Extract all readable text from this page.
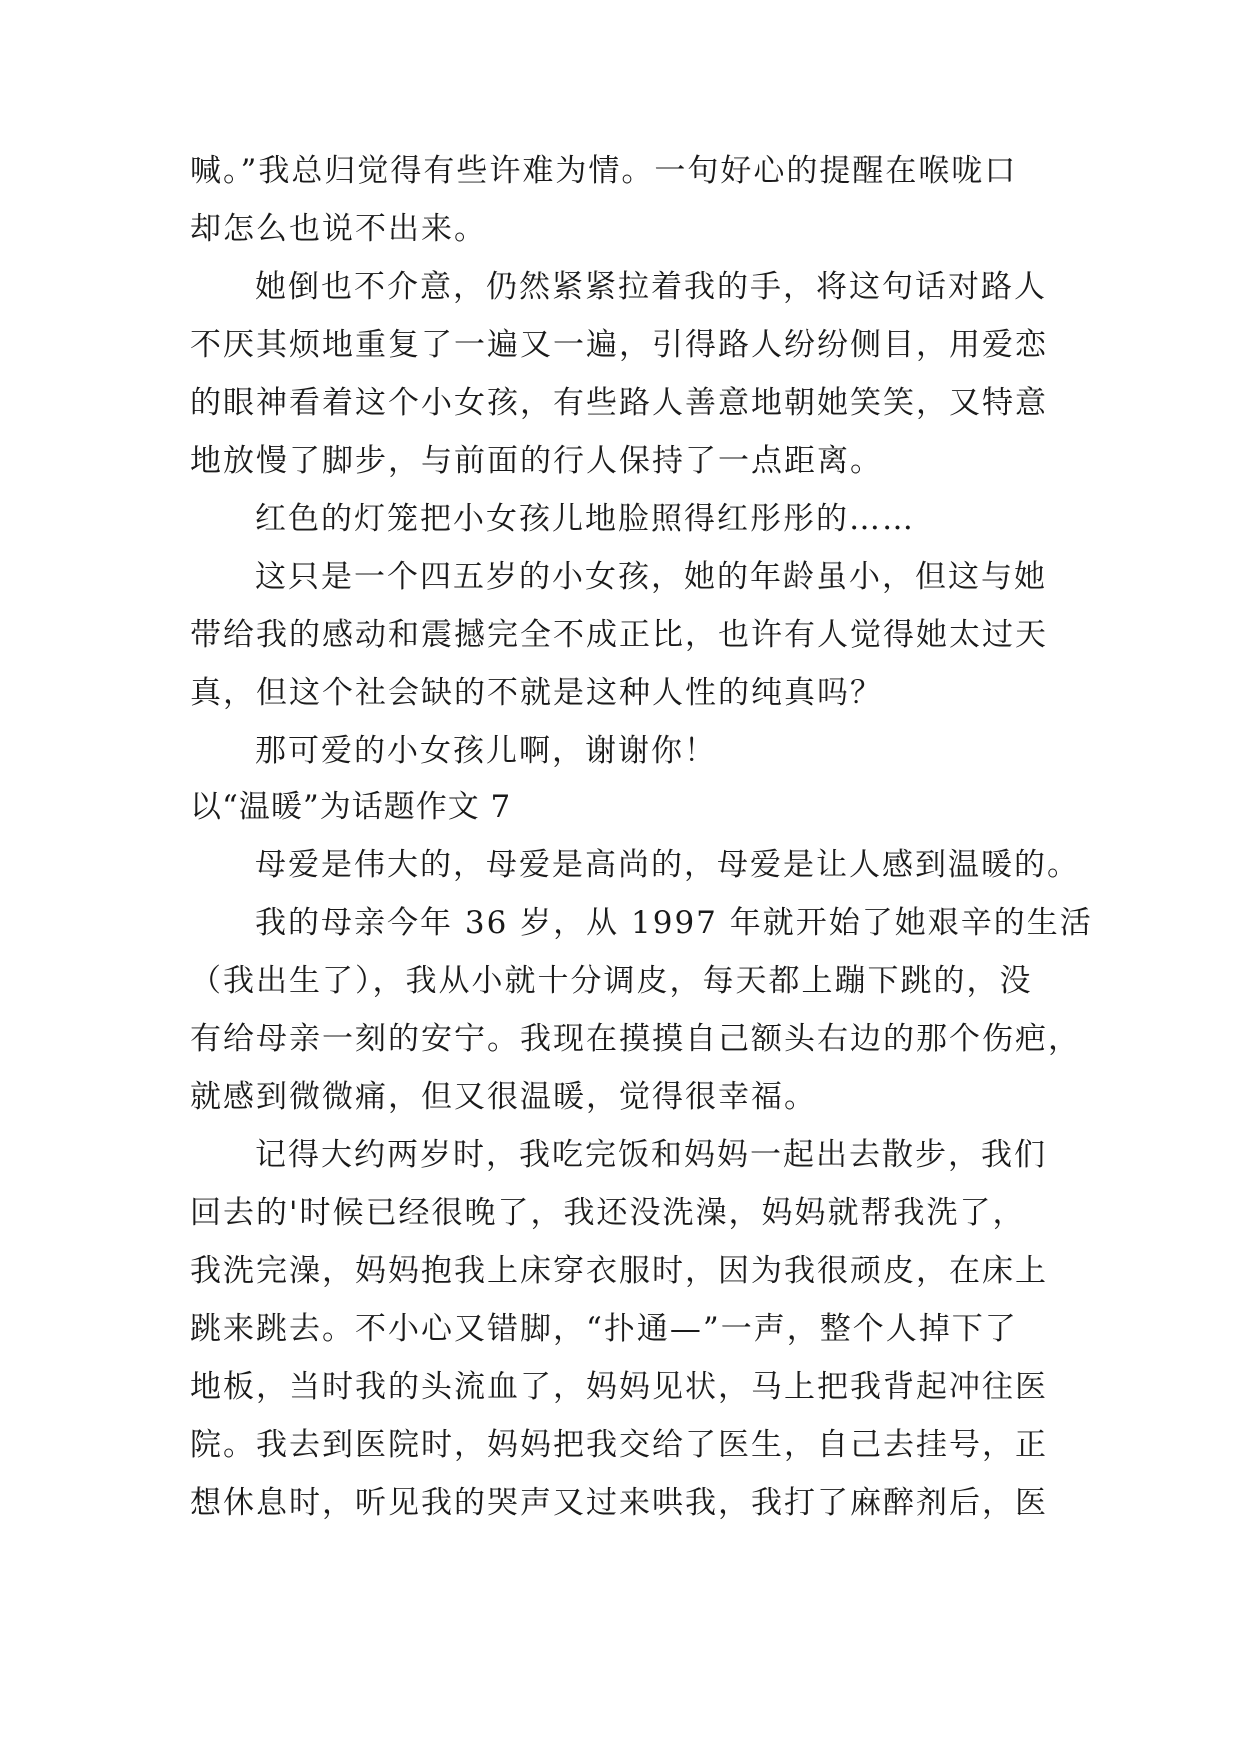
喊。”我总归觉得有些许难为情。一句好心的提醒在喉咙口
却怎么也说不出来。
她倒也不介意，仍然紧紧拉着我的手，将这句话对路人
不厌其烦地重复了一遍又一遍，引得路人纷纷侧目，用爱恋
的眼神看着这个小女孩，有些路人善意地朝她笑笑，又特意
地放慢了脚步，与前面的行人保持了一点距离。
红色的灯笼把小女孩儿地脸照得红彤彤的……
这只是一个四五岁的小女孩，她的年龄虽小，但这与她
带给我的感动和震撼完全不成正比，也许有人觉得她太过天
真，但这个社会缺的不就是这种人性的纯真吗？
那可爱的小女孩儿啊，谢谢你！
以“温暖”为话题作文 7
母爱是伟大的，母爱是高尚的，母爱是让人感到温暖的。
我的母亲今年 36 岁，从 1997 年就开始了她艰辛的生活
（我出生了），我从小就十分调皮，每天都上蹦下跳的，没
有给母亲一刻的安宁。我现在摸摸自己额头右边的那个伤疤，
就感到微微痛，但又很温暖，觉得很幸福。
记得大约两岁时，我吃完饭和妈妈一起出去散步，我们
回去的'时候已经很晚了，我还没洗澡，妈妈就帮我洗了，
我洗完澡，妈妈抱我上床穿衣服时，因为我很顽皮，在床上
跳来跳去。不小心又错脚，“扑通—”一声，整个人掉下了
地板，当时我的头流血了，妈妈见状，马上把我背起冲往医
院。我去到医院时，妈妈把我交给了医生，自己去挂号，正
想休息时，听见我的哭声又过来哄我，我打了麻醉剂后，医
